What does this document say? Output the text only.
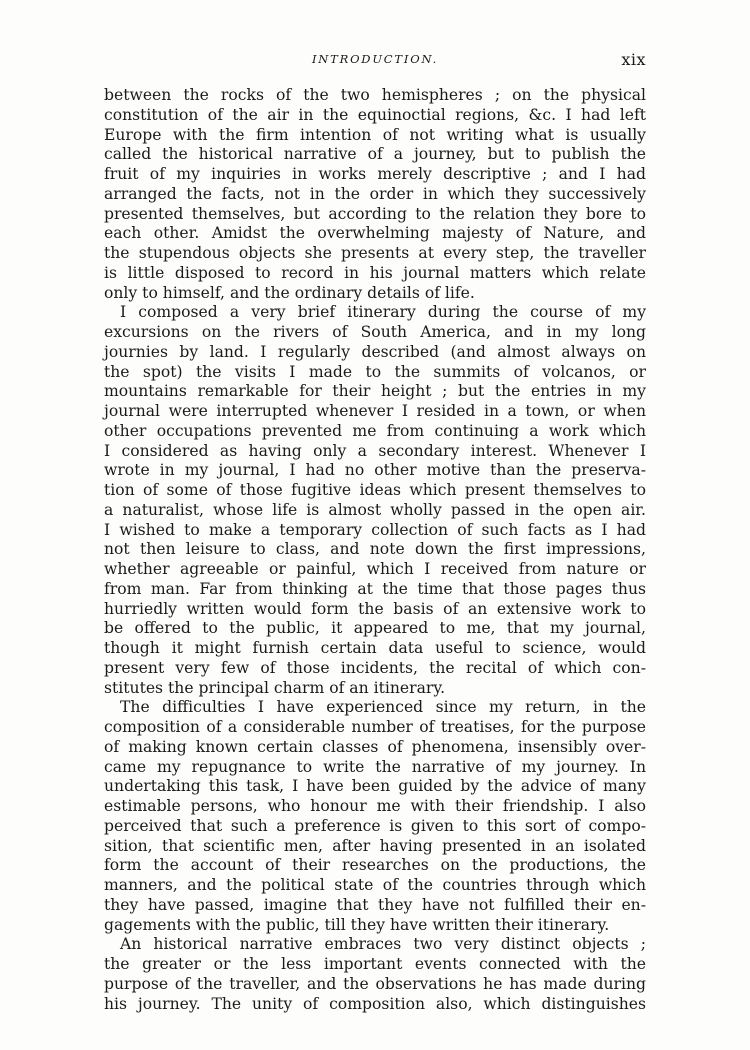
INTRODUCTION.	xix
between the rocks of the two hemispheres ; on the physical
constitution of the air in the equinoctial regions, &c. I had left
Europe with the firm intention of not writing what is usually
called the historical narrative of a journey, but to publish the
fruit of my inquiries in works merely descriptive ; and I had
arranged the facts, not in the order in which they successively
presented themselves, but according to the relation they bore to
each other. Amidst the overwhelming majesty of Nature, and
the stupendous objects she presents at every step, the traveller
is little disposed to record in his journal matters which relate
only to himself, and the ordinary details of life.
I composed a very brief itinerary during the course of my
excursions on the rivers of South America, and in my long
journies by land. I regularly described (and almost always on
the spot) the visits I made to the summits of volcanos, or
mountains remarkable for their height ; but the entries in my
journal were interrupted whenever I resided in a town, or when
other occupations prevented me from continuing a work which
I considered as having only a secondary interest. Whenever I
wrote in my journal, I had no other motive than the preserva-
tion of some of those fugitive ideas which present themselves to
a naturalist, whose life is almost wholly passed in the open air.
I wished to make a temporary collection of such facts as I had
not then leisure to class, and note down the first impressions,
whether agreeable or painful, which I received from nature or
from man. Far from thinking at the time that those pages thus
hurriedly written would form the basis of an extensive work to
be offered to the public, it appeared to me, that my journal,
though it might furnish certain data useful to science, would
present very few of those incidents, the recital of which con-
stitutes the principal charm of an itinerary.
The difficulties I have experienced since my return, in the
composition of a considerable number of treatises, for the purpose
of making known certain classes of phenomena, insensibly over-
came my repugnance to write the narrative of my journey. In
undertaking this task, I have been guided by the advice of many
estimable persons, who honour me with their friendship. I also
perceived that such a preference is given to this sort of compo-
sition, that scientific men, after having presented in an isolated
form the account of their researches on the productions, the
manners, and the political state of the countries through which
they have passed, imagine that they have not fulfilled their en-
gagements with the public, till they have written their itinerary.
An historical narrative embraces two very distinct objects ;
the greater or the less important events connected with the
purpose of the traveller, and the observations he has made during
his journey. The unity of composition also, which distinguishes
